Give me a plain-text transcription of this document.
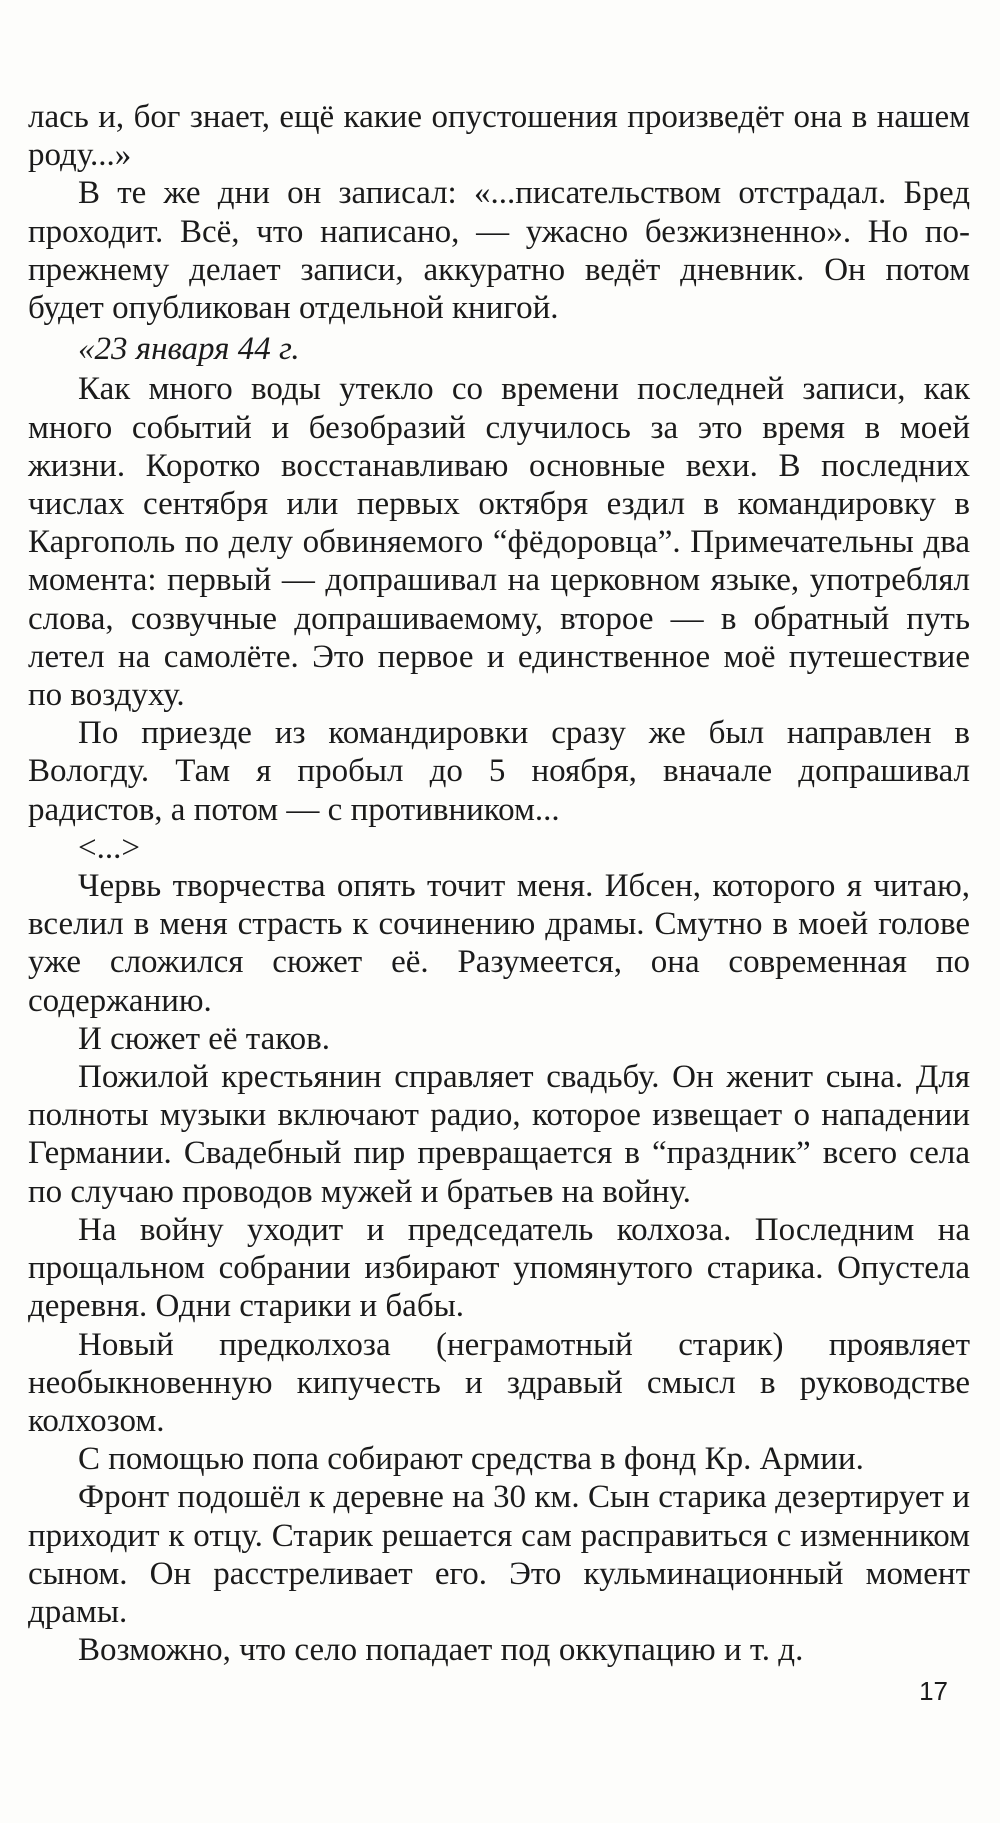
лась и, бог знает, ещё какие опустошения произведёт она в нашем роду...»

В те же дни он записал: «...писательством отстрадал. Бред проходит. Всё, что написано, — ужасно безжизненно». Но по-прежнему делает записи, аккуратно ведёт дневник. Он потом будет опубликован отдельной книгой.

«23 января 44 г.

Как много воды утекло со времени последней записи, как много событий и безобразий случилось за это время в моей жизни. Коротко восстанавливаю основные вехи. В последних числах сентября или первых октября ездил в командировку в Каргополь по делу обвиняемого “фёдоровца”. Примечательны два момента: первый — допрашивал на церковном языке, употреблял слова, созвучные допрашиваемому, второе — в обратный путь летел на самолёте. Это первое и единственное моё путешествие по воздуху.

По приезде из командировки сразу же был направлен в Вологду. Там я пробыл до 5 ноября, вначале допрашивал радистов, а потом — с противником...

<...>

Червь творчества опять точит меня. Ибсен, которого я читаю, вселил в меня страсть к сочинению драмы. Смутно в моей голове уже сложился сюжет её. Разумеется, она современная по содержанию.

И сюжет её таков.

Пожилой крестьянин справляет свадьбу. Он женит сына. Для полноты музыки включают радио, которое извещает о нападении Германии. Свадебный пир превращается в “праздник” всего села по случаю проводов мужей и братьев на войну.

На войну уходит и председатель колхоза. Последним на прощальном собрании избирают упомянутого старика. Опустела деревня. Одни старики и бабы.

Новый предколхоза (неграмотный старик) проявляет необыкновенную кипучесть и здравый смысл в руководстве колхозом.

С помощью попа собирают средства в фонд Кр. Армии.

Фронт подошёл к деревне на 30 км. Сын старика дезертирует и приходит к отцу. Старик решается сам расправиться с изменником сыном. Он расстреливает его. Это кульминационный момент драмы.

Возможно, что село попадает под оккупацию и т. д.

17
